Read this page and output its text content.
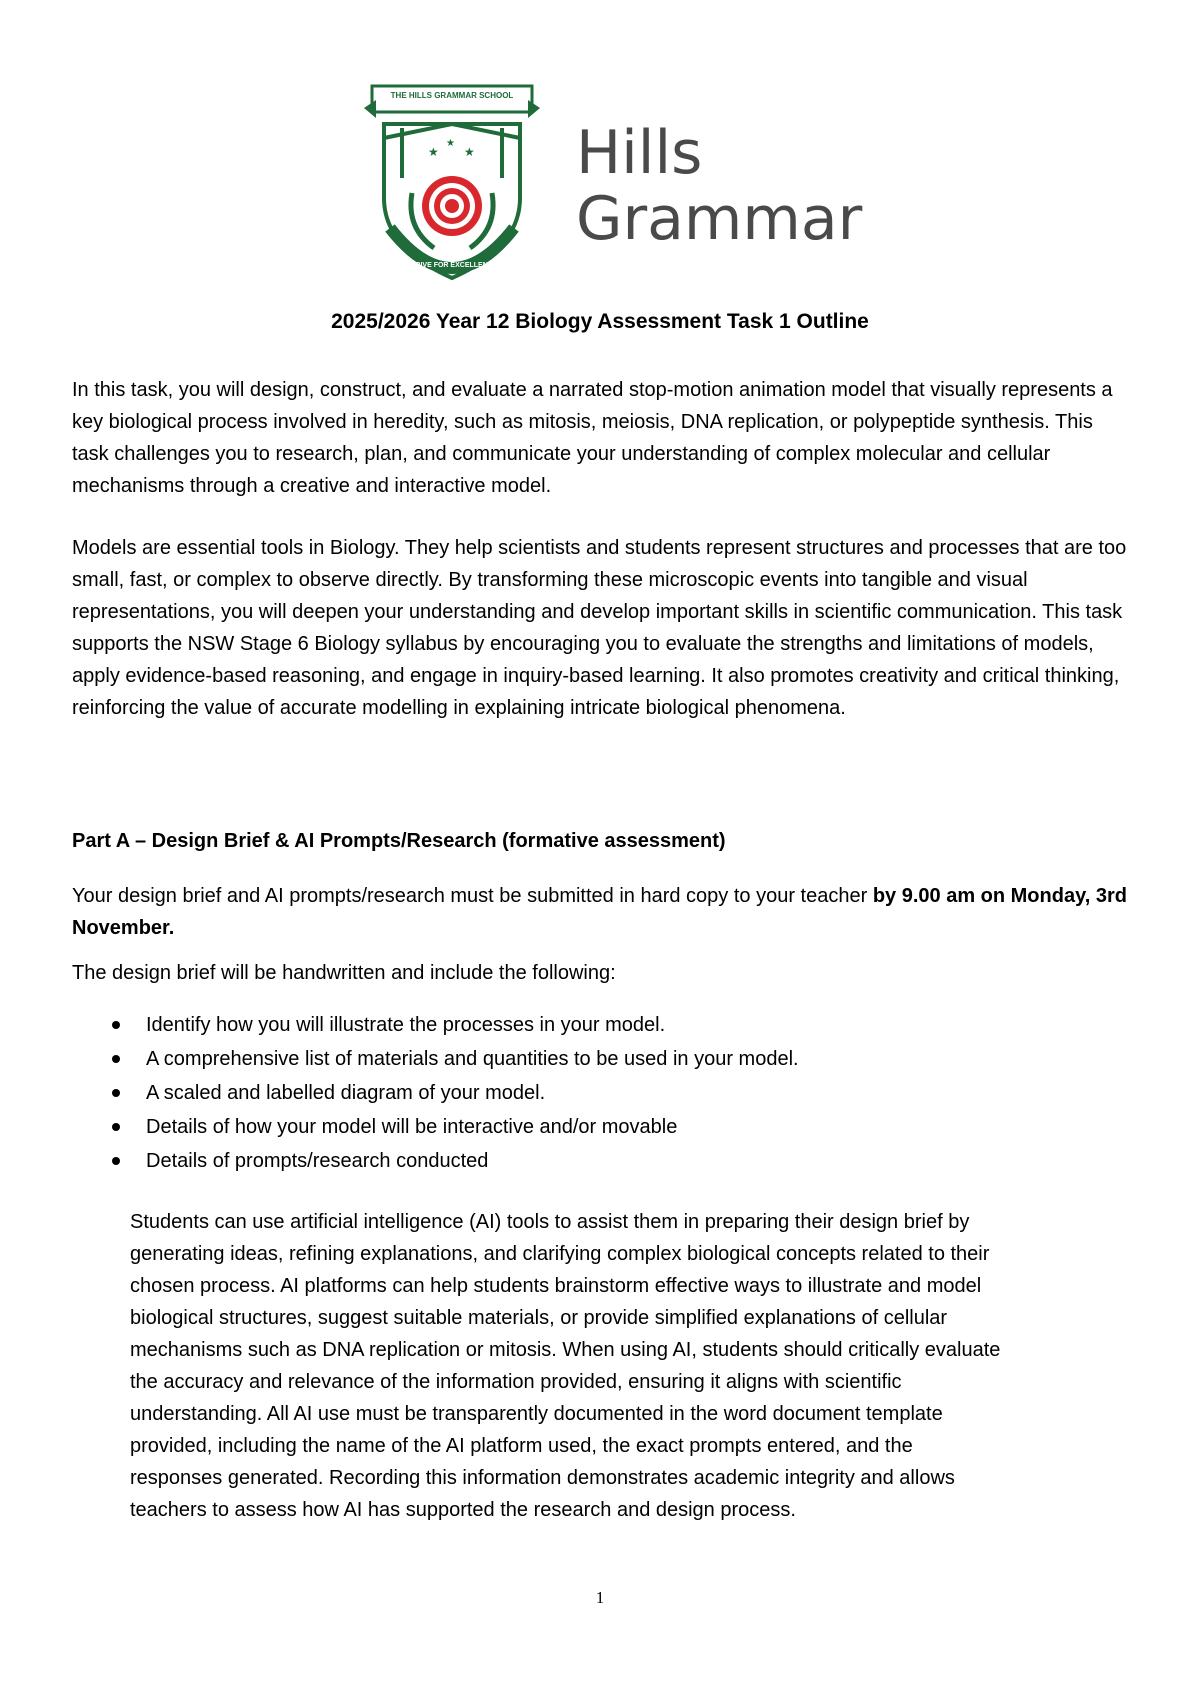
★ ★
★
THE HILLS GRAMMAR SCHOOL
STRIVE FOR EXCELLENCE
Hills
Grammar
2025/2026 Year 12 Biology Assessment Task 1 Outline
In this task, you will design, construct, and evaluate a narrated stop-motion animation model that visually represents a key biological process involved in heredity, such as mitosis, meiosis, DNA replication, or polypeptide synthesis. This task challenges you to research, plan, and communicate your understanding of complex molecular and cellular mechanisms through a creative and interactive model.
Models are essential tools in Biology. They help scientists and students represent structures and processes that are too small, fast, or complex to observe directly. By transforming these microscopic events into tangible and visual representations, you will deepen your understanding and develop important skills in scientific communication. This task supports the NSW Stage 6 Biology syllabus by encouraging you to evaluate the strengths and limitations of models, apply evidence-based reasoning, and engage in inquiry-based learning. It also promotes creativity and critical thinking, reinforcing the value of accurate modelling in explaining intricate biological phenomena.
Part A – Design Brief & AI Prompts/Research (formative assessment)
Your design brief and AI prompts/research must be submitted in hard copy to your teacher by 9.00 am on Monday, 3rd November.
The design brief will be handwritten and include the following:
Identify how you will illustrate the processes in your model.
A comprehensive list of materials and quantities to be used in your model.
A scaled and labelled diagram of your model.
Details of how your model will be interactive and/or movable
Details of prompts/research conducted
Students can use artificial intelligence (AI) tools to assist them in preparing their design brief by generating ideas, refining explanations, and clarifying complex biological concepts related to their chosen process. AI platforms can help students brainstorm effective ways to illustrate and model biological structures, suggest suitable materials, or provide simplified explanations of cellular mechanisms such as DNA replication or mitosis. When using AI, students should critically evaluate the accuracy and relevance of the information provided, ensuring it aligns with scientific understanding. All AI use must be transparently documented in the word document template provided, including the name of the AI platform used, the exact prompts entered, and the responses generated. Recording this information demonstrates academic integrity and allows teachers to assess how AI has supported the research and design process.
1
